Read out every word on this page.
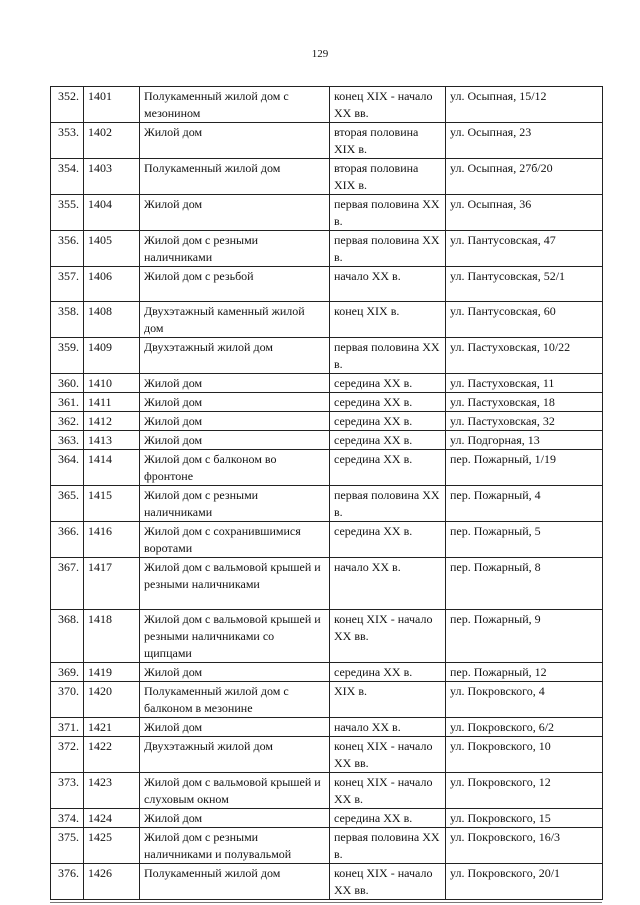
129
352.	1401	Полукаменный жилой дом с мезонином	конец XIX - начало XX вв.	ул. Осыпная, 15/12
353.	1402	Жилой дом	вторая половина XIX в.	ул. Осыпная, 23
354.	1403	Полукаменный жилой дом	вторая половина XIX в.	ул. Осыпная, 27б/20
355.	1404	Жилой дом	первая половина XX в.	ул. Осыпная, 36
356.	1405	Жилой дом с резными наличниками	первая половина XX в.	ул. Пантусовская, 47
357.	1406	Жилой дом с резьбой	начало XX в.	ул. Пантусовская, 52/1
358.	1408	Двухэтажный каменный жилой дом	конец XIX в.	ул. Пантусовская, 60
359.	1409	Двухэтажный жилой дом	первая половина XX в.	ул. Пастуховская, 10/22
360.	1410	Жилой дом	середина XX в.	ул. Пастуховская, 11
361.	1411	Жилой дом	середина XX в.	ул. Пастуховская, 18
362.	1412	Жилой дом	середина XX в.	ул. Пастуховская, 32
363.	1413	Жилой дом	середина XX в.	ул. Подгорная, 13
364.	1414	Жилой дом с балконом во фронтоне	середина XX в.	пер. Пожарный, 1/19
365.	1415	Жилой дом с резными наличниками	первая половина XX в.	пер. Пожарный, 4
366.	1416	Жилой дом с сохранившимися воротами	середина XX в.	пер. Пожарный, 5
367.	1417	Жилой дом с вальмовой крышей и резными наличниками	начало XX в.	пер. Пожарный, 8
368.	1418	Жилой дом с вальмовой крышей и резными наличниками со щипцами	конец XIX - начало XX вв.	пер. Пожарный, 9
369.	1419	Жилой дом	середина XX в.	пер. Пожарный, 12
370.	1420	Полукаменный жилой дом с балконом в мезонине	XIX в.	ул. Покровского, 4
371.	1421	Жилой дом	начало XX в.	ул. Покровского, 6/2
372.	1422	Двухэтажный жилой дом	конец XIX - начало XX вв.	ул. Покровского, 10
373.	1423	Жилой дом с вальмовой крышей и слуховым окном	конец XIX - начало XX в.	ул. Покровского, 12
374.	1424	Жилой дом	середина XX в.	ул. Покровского, 15
375.	1425	Жилой дом с резными наличниками и полувальмой	первая половина XX в.	ул. Покровского, 16/3
376.	1426	Полукаменный жилой дом	конец XIX - начало XX вв.	ул. Покровского, 20/1
